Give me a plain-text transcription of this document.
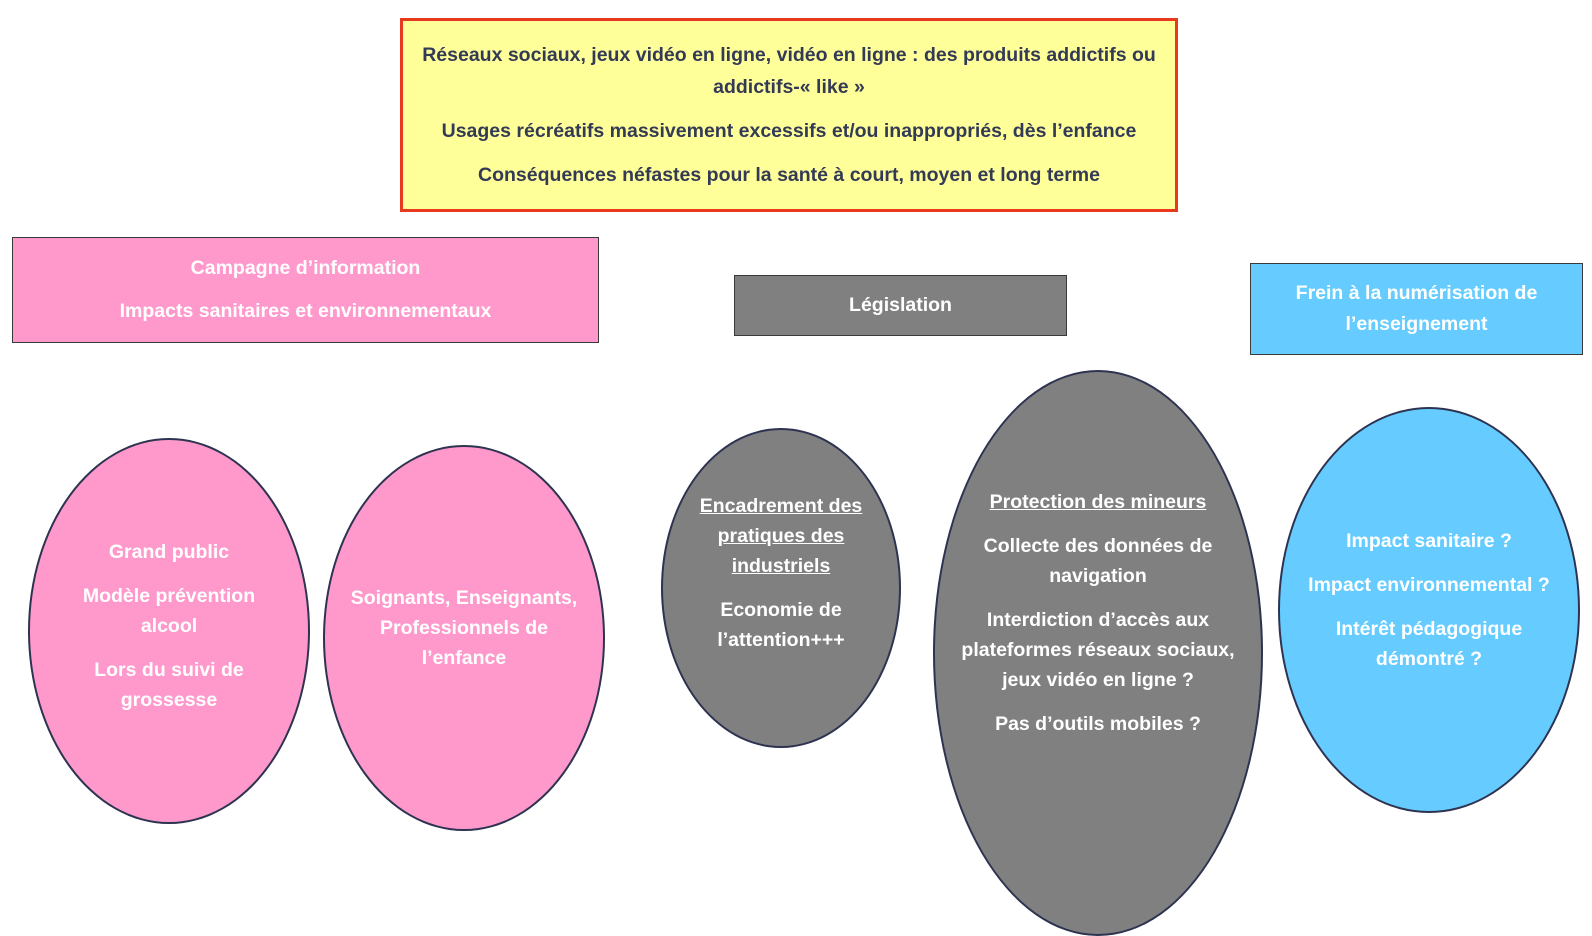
Réseaux sociaux, jeux vidéo en ligne, vidéo en ligne : des produits addictifs ou addictifs-« like »

Usages récréatifs massivement excessifs et/ou inappropriés, dès l’enfance

Conséquences néfastes pour la santé à court, moyen et long terme

Campagne d’information

Impacts sanitaires et environnementaux	Législation

Frein à la numérisation de l’enseignement

Grand public

Modèle prévention alcool

Lors du suivi de grossesse

Soignants, Enseignants, Professionnels de l’enfance

Encadrement des pratiques des industriels

Economie de l’attention+++

Protection des mineurs

Collecte des données de navigation

Interdiction d’accès aux plateformes réseaux sociaux, jeux vidéo en ligne ?

Pas d’outils mobiles ?

Impact sanitaire ?

Impact environnemental ?

Intérêt pédagogique démontré ?
